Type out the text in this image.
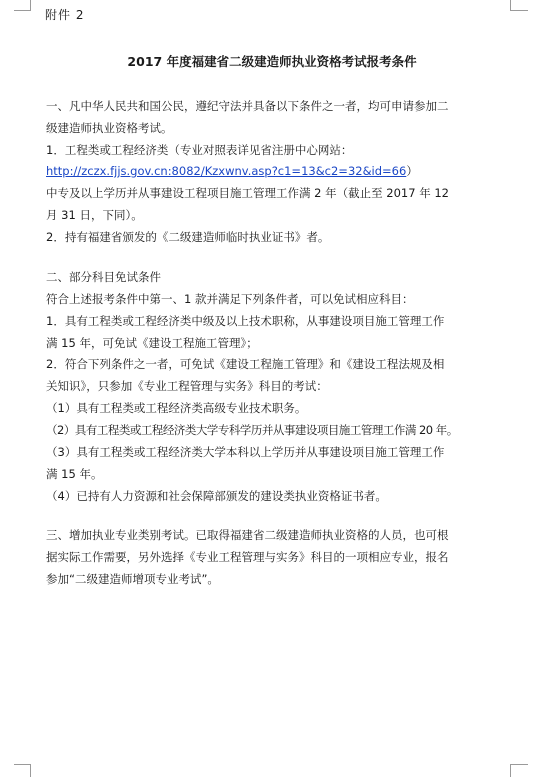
附件 2
2017 年度福建省二级建造师执业资格考试报考条件
一、凡中华人民共和国公民，遵纪守法并具备以下条件之一者，均可申请参加二
级建造师执业资格考试。
1．工程类或工程经济类（专业对照表详见省注册中心网站：
http://zczx.fjjs.gov.cn:8082/Kzxwnv.asp?c1=13&c2=32&id=66）
中专及以上学历并从事建设工程项目施工管理工作满 2 年（截止至 2017 年 12
月 31 日，下同）。
2．持有福建省颁发的《二级建造师临时执业证书》者。
二、部分科目免试条件
符合上述报考条件中第一、1 款并满足下列条件者，可以免试相应科目：
1．具有工程类或工程经济类中级及以上技术职称，从事建设项目施工管理工作
满 15 年，可免试《建设工程施工管理》；
2．符合下列条件之一者，可免试《建设工程施工管理》和《建设工程法规及相
关知识》，只参加《专业工程管理与实务》科目的考试：
（1）具有工程类或工程经济类高级专业技术职务。
（2）具有工程类或工程经济类大学专科学历并从事建设项目施工管理工作满 20 年。
（3）具有工程类或工程经济类大学本科以上学历并从事建设项目施工管理工作
满 15 年。
（4）已持有人力资源和社会保障部颁发的建设类执业资格证书者。
三、增加执业专业类别考试。已取得福建省二级建造师执业资格的人员，也可根
据实际工作需要，另外选择《专业工程管理与实务》科目的一项相应专业，报名
参加“二级建造师增项专业考试”。
